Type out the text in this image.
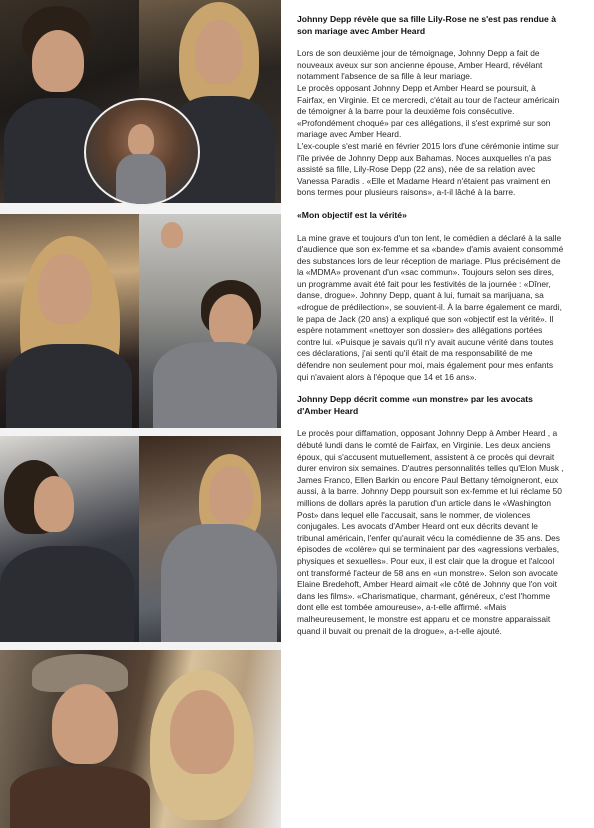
Johnny Depp révèle que sa fille Lily-Rose ne s'est pas rendue à son mariage avec Amber Heard

Lors de son deuxième jour de témoignage, Johnny Depp a fait de nouveaux aveux sur son ancienne épouse, Amber Heard, révélant notamment l'absence de sa fille à leur mariage.
Le procès opposant Johnny Depp et Amber Heard se poursuit, à Fairfax, en Virginie. Et ce mercredi, c'était au tour de l'acteur américain de témoigner à la barre pour la deuxième fois consécutive. «Profondément choqué» par ces allégations, il s'est exprimé sur son mariage avec Amber Heard.
L'ex-couple s'est marié en février 2015 lors d'une cérémonie intime sur l'île privée de Johnny Depp aux Bahamas. Noces auxquelles n'a pas assisté sa fille, Lily-Rose Depp (22 ans), née de sa relation avec Vanessa Paradis . «Elle et Madame Heard n'étaient pas vraiment en bons termes pour plusieurs raisons», a-t-il lâché à la barre.

«Mon objectif est la vérité»

La mine grave et toujours d'un ton lent, le comédien a déclaré à la salle d'audience que son ex-femme et sa «bande» d'amis avaient consommé des substances lors de leur réception de mariage. Plus précisément de la «MDMA» provenant d'un «sac commun». Toujours selon ses dires, un programme avait été fait pour les festivités de la journée : «Dîner, danse, drogue». Johnny Depp, quant à lui, fumait sa marijuana, sa «drogue de prédilection», se souvient-il. À la barre également ce mardi, le papa de Jack (20 ans) a expliqué que son «objectif est la vérité». Il espère notamment «nettoyer son dossier» des allégations portées contre lui. «Puisque je savais qu'il n'y avait aucune vérité dans toutes ces déclarations, j'ai senti qu'il était de ma responsabilité de me défendre non seulement pour moi, mais également pour mes enfants qui n'avaient alors à l'époque que 14 et 16 ans».

Johnny Depp décrit comme «un monstre» par les avocats d'Amber Heard

Le procès pour diffamation, opposant Johnny Depp à Amber Heard , a débuté lundi dans le comté de Fairfax, en Virginie. Les deux anciens époux, qui s'accusent mutuellement, assistent à ce procès qui devrait durer environ six semaines. D'autres personnalités telles qu'Elon Musk , James Franco, Ellen Barkin ou encore Paul Bettany témoigneront, eux aussi, à la barre. Johnny Depp poursuit son ex-femme et lui réclame 50 millions de dollars après la parution d'un article dans le «Washington Post» dans lequel elle l'accusait, sans le nommer, de violences conjugales. Les avocats d'Amber Heard ont eux décrits devant le tribunal américain, l'enfer qu'aurait vécu la comédienne de 35 ans. Des épisodes de «colère» qui se terminaient par des «agressions verbales, physiques et sexuelles». Pour eux, il est clair que la drogue et l'alcool ont transformé l'acteur de 58 ans en «un monstre». Selon son avocate Elaine Bredehoft, Amber Heard aimait «le côté de Johnny que l'on voit dans les films». «Charismatique, charmant, généreux, c'est l'homme dont elle est tombée amoureuse», a-t-elle affirmé. «Mais malheureusement, le monstre est apparu et ce monstre apparaissait quand il buvait ou prenait de la drogue», a-t-elle ajouté.
